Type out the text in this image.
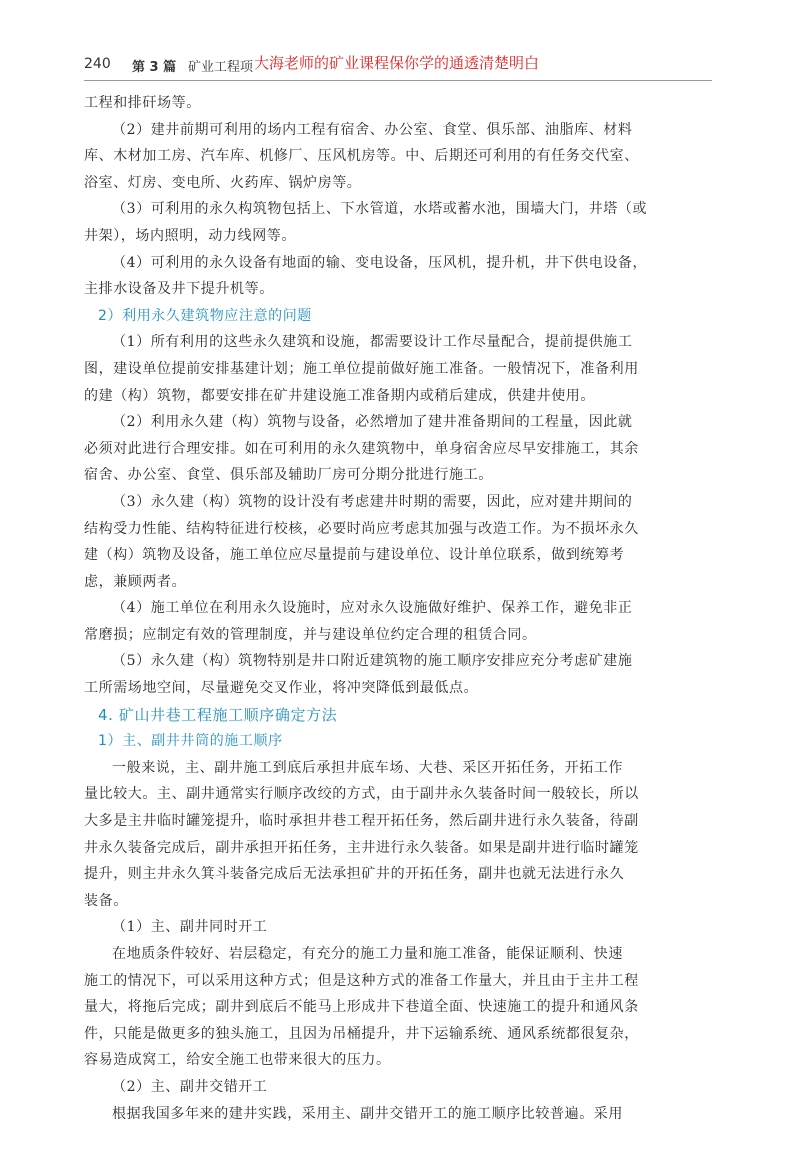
240 第 3 篇 矿业工程项 大海老师的矿业课程保你学的通透清楚明白

工程和排矸场等。

（2）建井前期可利用的场内工程有宿舍、办公室、食堂、俱乐部、油脂库、材料

库、木材加工房、汽车库、机修厂、压风机房等。中、后期还可利用的有任务交代室、

浴室、灯房、变电所、火药库、锅炉房等。

（3）可利用的永久构筑物包括上、下水管道，水塔或蓄水池，围墙大门，井塔（或

井架），场内照明，动力线网等。

（4）可利用的永久设备有地面的输、变电设备，压风机，提升机，井下供电设备，

主排水设备及井下提升机等。

2）利用永久建筑物应注意的问题

（1）所有利用的这些永久建筑和设施，都需要设计工作尽量配合，提前提供施工

图，建设单位提前安排基建计划；施工单位提前做好施工准备。一般情况下，准备利用

的建（构）筑物，都要安排在矿井建设施工准备期内或稍后建成，供建井使用。

（2）利用永久建（构）筑物与设备，必然增加了建井准备期间的工程量，因此就

必须对此进行合理安排。如在可利用的永久建筑物中，单身宿舍应尽早安排施工，其余

宿舍、办公室、食堂、俱乐部及辅助厂房可分期分批进行施工。

（3）永久建（构）筑物的设计没有考虑建井时期的需要，因此，应对建井期间的

结构受力性能、结构特征进行校核，必要时尚应考虑其加强与改造工作。为不损坏永久

建（构）筑物及设备，施工单位应尽量提前与建设单位、设计单位联系，做到统筹考

虑，兼顾两者。

（4）施工单位在利用永久设施时，应对永久设施做好维护、保养工作，避免非正

常磨损；应制定有效的管理制度，并与建设单位约定合理的租赁合同。

（5）永久建（构）筑物特别是井口附近建筑物的施工顺序安排应充分考虑矿建施

工所需场地空间，尽量避免交叉作业，将冲突降低到最低点。

4. 矿山井巷工程施工顺序确定方法

1）主、副井井筒的施工顺序

一般来说，主、副井施工到底后承担井底车场、大巷、采区开拓任务，开拓工作

量比较大。主、副井通常实行顺序改绞的方式，由于副井永久装备时间一般较长，所以

大多是主井临时罐笼提升，临时承担井巷工程开拓任务，然后副井进行永久装备，待副

井永久装备完成后，副井承担开拓任务，主井进行永久装备。如果是副井进行临时罐笼

提升，则主井永久箕斗装备完成后无法承担矿井的开拓任务，副井也就无法进行永久

装备。

（1）主、副井同时开工

在地质条件较好、岩层稳定，有充分的施工力量和施工准备，能保证顺利、快速

施工的情况下，可以采用这种方式；但是这种方式的准备工作量大，并且由于主井工程

量大，将拖后完成；副井到底后不能马上形成井下巷道全面、快速施工的提升和通风条

件，只能是做更多的独头施工，且因为吊桶提升，井下运输系统、通风系统都很复杂，

容易造成窝工，给安全施工也带来很大的压力。

（2）主、副井交错开工

根据我国多年来的建井实践，采用主、副井交错开工的施工顺序比较普遍。采用
